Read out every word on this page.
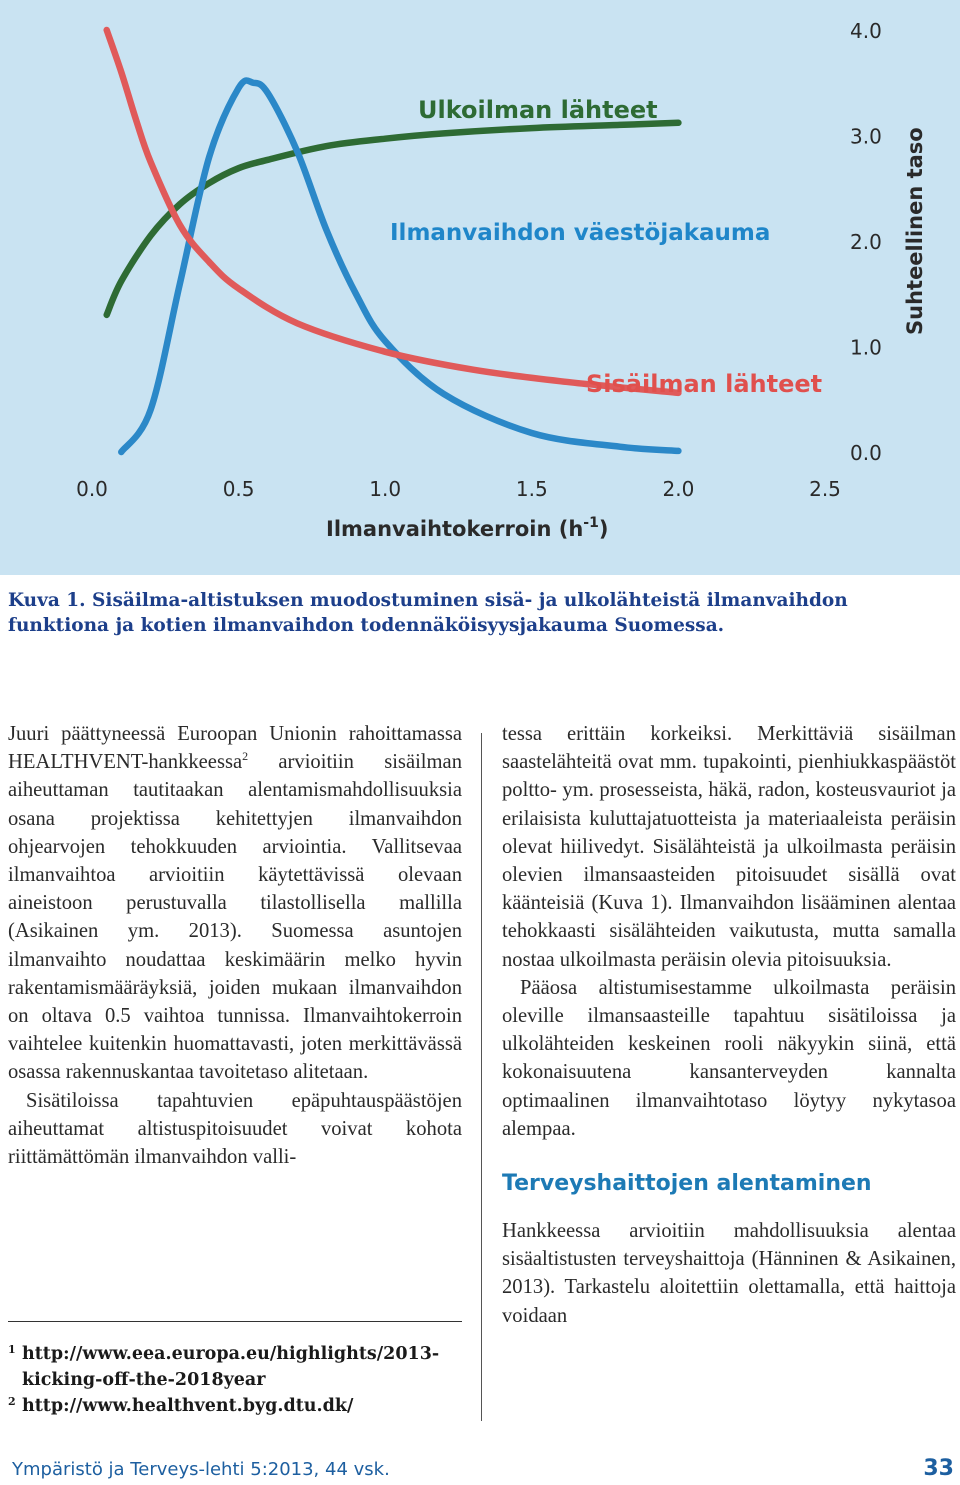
0.0	0.5	1.0	1.5	2.0	2.5
0.0
1.0
2.0
3.0
4.0
Ulkoilman lähteet
Ilmanvaihdon väestöjakauma
Sisäilman lähteet
Ilmanvaihtokerroin $(h^{-1})$
Suhteellinen taso
Kuva 1. Sisäilma-altistuksen muodostuminen sisä- ja ulkolähteistä ilmanvaihdon funktiona ja kotien ilmanvaihdon todennäköisyysjakauma Suomessa.

Juuri päättyneessä Euroopan Unionin rahoittamassa HEALTHVENT-hankkeessa$^2$ arvioitiin sisäilman aiheuttaman tautitaakan alentamismahdollisuuksia osana projektissa kehitettyjen ilmanvaihdon ohjearvojen tehokkuuden arviointia. Vallitsevaa ilmanvaihtoa arvioitiin käytettävissä olevaan aineistoon perustuvalla tilastollisella mallilla (Asikainen ym. 2013). Suomessa asuntojen ilmanvaihto noudattaa keskimäärin melko hyvin rakentamismääräyksiä, joiden mukaan ilmanvaihdon on oltava 0.5 vaihtoa tunnissa. Ilmanvaihtokerroin vaihtelee kuitenkin huomattavasti, joten merkittävässä osassa rakennuskantaa tavoitetaso alitetaan.

Sisätiloissa tapahtuvien epäpuhtauspäästöjen aiheuttamat altistuspitoisuudet voivat kohota riittämättömän ilmanvaihdon valli-

tessa erittäin korkeiksi. Merkittäviä sisäilman saastelähteitä ovat mm. tupakointi, pienhiukkaspäästöt poltto- ym. prosesseista, häkä, radon, kosteusvauriot ja erilaisista kuluttajatuotteista ja materiaaleista peräisin olevat hiilivedyt. Sisälähteistä ja ulkoilmasta peräisin olevien ilmansaasteiden pitoisuudet sisällä ovat käänteisiä (Kuva 1). Ilmanvaihdon lisääminen alentaa tehokkaasti sisälähteiden vaikutusta, mutta samalla nostaa ulkoilmasta peräisin olevia pitoisuuksia.

Pääosa altistumisestamme ulkoilmasta peräisin oleville ilmansaasteille tapahtuu sisätiloissa ja ulkolähteiden keskeinen rooli näkyykin siinä, että kokonaisuutena kansanterveyden kannalta optimaalinen ilmanvaihtotaso löytyy nykytasoa alempaa.

Terveyshaittojen alentaminen

Hankkeessa arvioitiin mahdollisuuksia alentaa sisäaltistusten terveyshaittoja (Hänninen & Asikainen, 2013). Tarkastelu aloitettiin olettamalla, että haittoja voidaan

1 http://www.eea.europa.eu/highlights/2013-kicking-off-the-2018year
2 http://www.healthvent.byg.dtu.dk/
Ympäristö ja Terveys-lehti 5:2013, 44 vsk.	33
